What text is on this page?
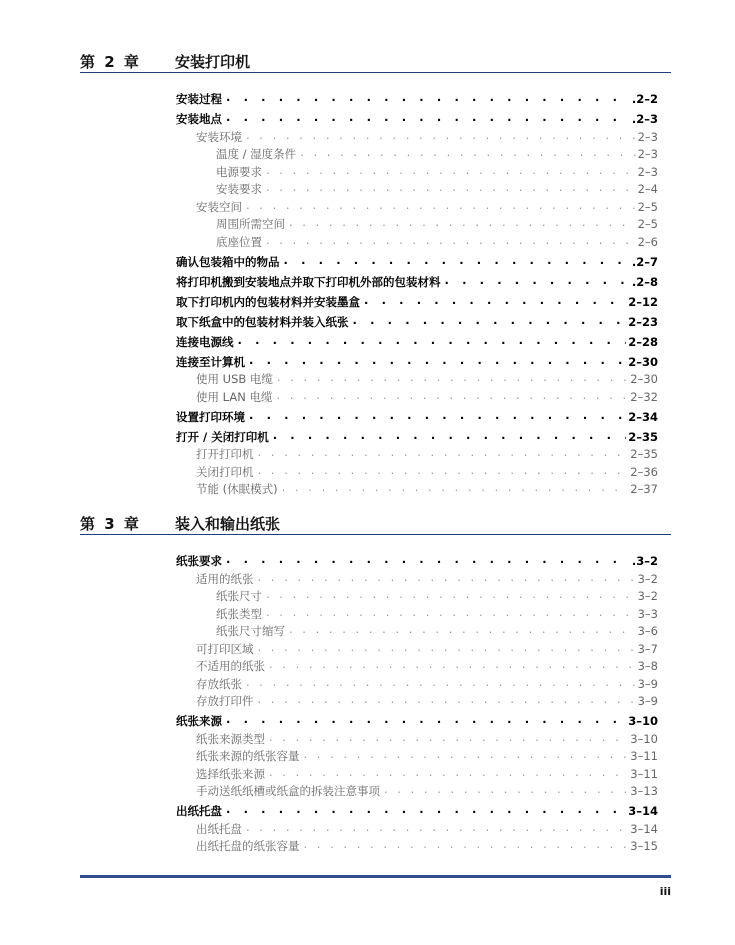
第 2 章 安装打印机
安装过程 . . .	.2–2
安装地点 . . .	.2–3
安装环境 . . .	2–3
温度 / 湿度条件 . . .	2–3
电源要求 . . .	2–3
安装要求 . . .	2–4
安装空间 . . .	2–5
周围所需空间 . . .	2–5
底座位置 . . .	2–6
确认包装箱中的物品 . . .	.2–7
将打印机搬到安装地点并取下打印机外部的包装材料 . . .	.2–8
取下打印机内的包装材料并安装墨盒 . . .	2–12
取下纸盒中的包装材料并装入纸张 . . .	2–23
连接电源线 . . .	2–28
连接至计算机 . . .	2–30
使用 USB 电缆 . . .	2–30
使用 LAN 电缆 . . .	2–32
设置打印环境 . . .	2–34
打开 / 关闭打印机 . . .	2–35
打开打印机 . . .	2–35
关闭打印机 . . .	2–36
节能 (休眠模式) . . .	2–37
第 3 章 装入和输出纸张
纸张要求 . . .	.3–2
适用的纸张 . . .	3–2
纸张尺寸 . . .	3–2
纸张类型 . . .	3–3
纸张尺寸缩写 . . .	3–6
可打印区域 . . .	3–7
不适用的纸张 . . .	3–8
存放纸张 . . .	3–9
存放打印件 . . .	3–9
纸张来源 . . .	3–10
纸张来源类型 . . .	3–10
纸张来源的纸张容量 . . .	3–11
选择纸张来源 . . .	3–11
手动送纸纸槽或纸盒的拆装注意事项 . . .	3–13
出纸托盘 . . .	3–14
出纸托盘 . . .	3–14
出纸托盘的纸张容量 . . .	3–15
iii
